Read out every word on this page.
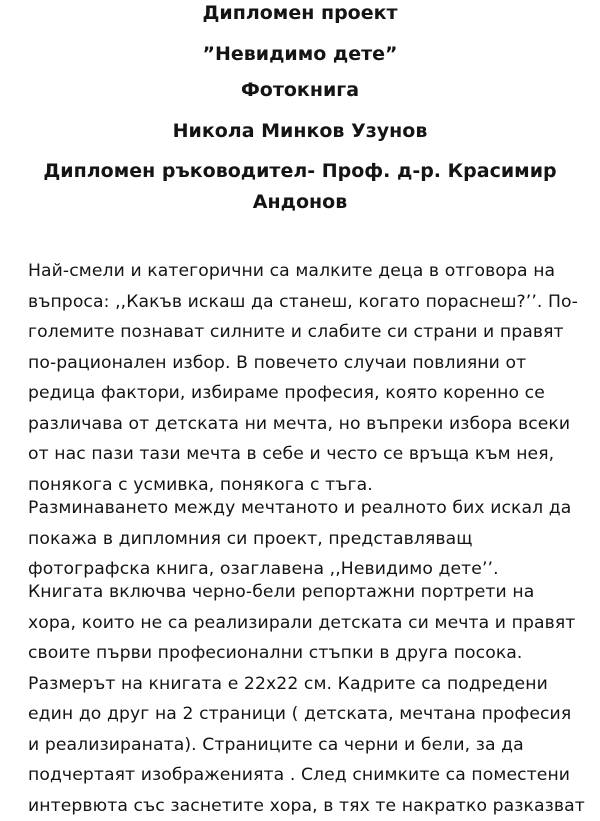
Дипломен проект
”Невидимо дете”
Фотокнига
Никола Минков Узунов
Дипломен ръководител- Проф. д-р. Красимир
Андонов
Най-смели и категорични са малките деца в отговора на
въпроса: ,,Какъв искаш да станеш, когато пораснеш?’’. По-
големите познават силните и слабите си страни и правят
по-рационален избор. В повечето случаи повлияни от
редица фактори, избираме професия, която коренно се
различава от детската ни мечта, но въпреки избора всеки
от нас пази тази мечта в себе и често се връща към нея,
понякога с усмивка, понякога с тъга.
Разминаването между мечтаното и реалното бих искал да
покажа в дипломния си проект, представляващ
фотографска книга, озаглавена ,,Невидимо дете’’.
Книгата включва черно-бели репортажни портрети на
хора, които не са реализирали детската си мечта и правят
своите първи професионални стъпки в друга посока.
Размерът на книгата е 22х22 см. Кадрите са подредени
един до друг на 2 страници ( детската, мечтана професия
и реализираната). Страниците са черни и бели, за да
подчертаят изображенията . След снимките са поместени
интервюта със заснетите хора, в тях те накратко разказват
